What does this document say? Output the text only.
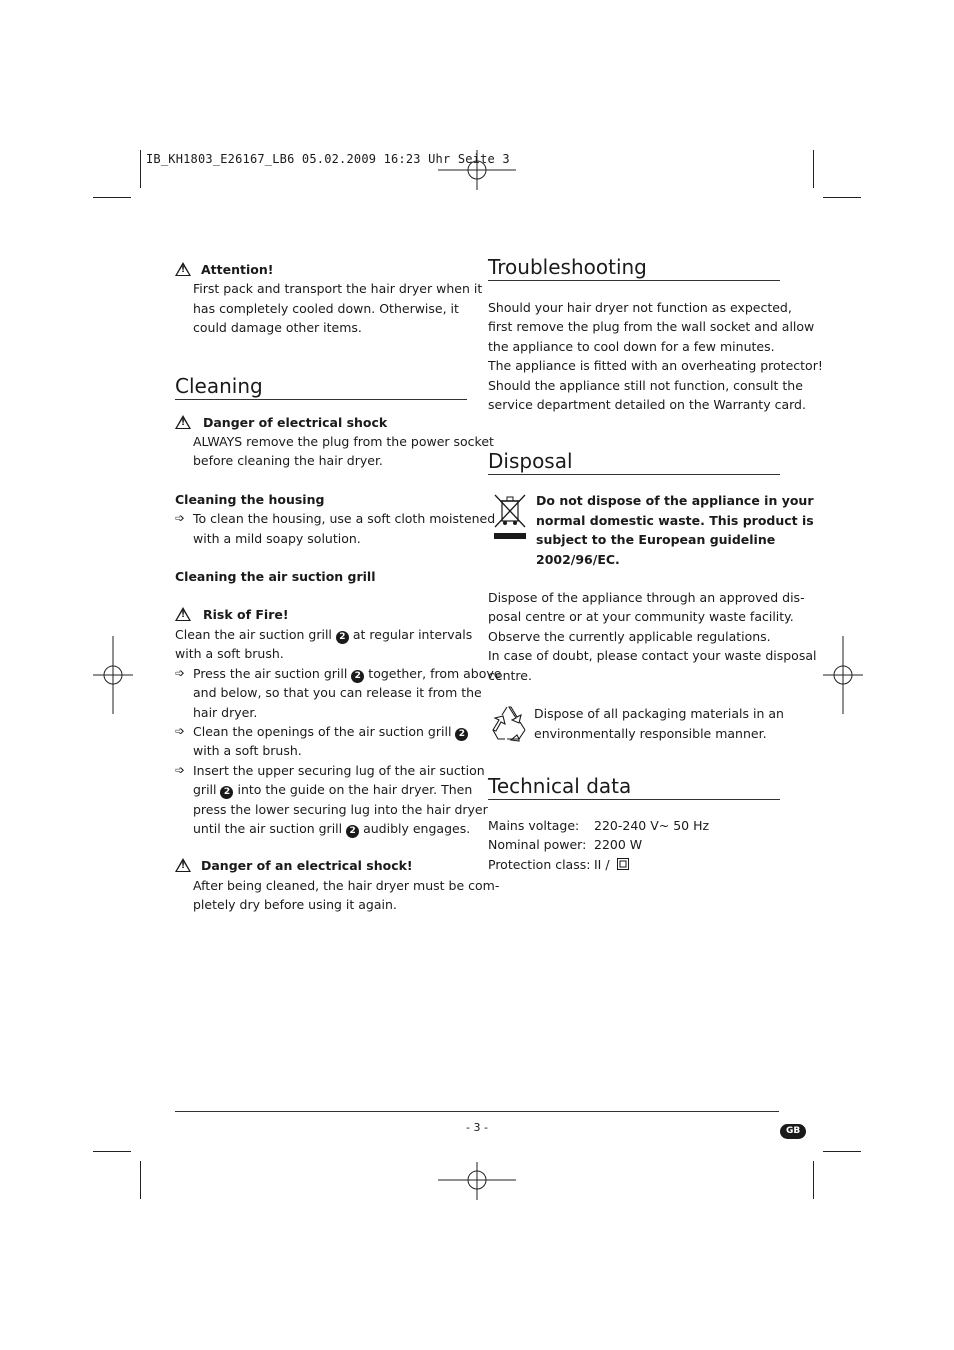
IB_KH1803_E26167_LB6 05.02.2009 16:23 Uhr Seite 3
!Attention!
First pack and transport the hair dryer when it
has completely cooled down. Otherwise, it
could damage other items.
Cleaning
!Danger of electrical shock
ALWAYS remove the plug from the power socket
before cleaning the hair dryer.
Cleaning the housing
➩ To clean the housing, use a soft cloth moistened
with a mild soapy solution.
Cleaning the air suction grill
!Risk of Fire!
Clean the air suction grill 2 at regular intervals
with a soft brush.
➩ Press the air suction grill 2 together, from above
and below, so that you can release it from the
hair dryer.
➩ Clean the openings of the air suction grill 2
with a soft brush.
➩ Insert the upper securing lug of the air suction
grill 2 into the guide on the hair dryer. Then
press the lower securing lug into the hair dryer
until the air suction grill 2 audibly engages.
!Danger of an electrical shock!
After being cleaned, the hair dryer must be com-
pletely dry before using it again.
Troubleshooting
Should your hair dryer not function as expected,
first remove the plug from the wall socket and allow
the appliance to cool down for a few minutes.
The appliance is fitted with an overheating protector!
Should the appliance still not function, consult the
service department detailed on the Warranty card.
Disposal
Do not dispose of the appliance in your
normal domestic waste. This product is
subject to the European guideline
2002/96/EC.
Dispose of the appliance through an approved dis-
posal centre or at your community waste facility.
Observe the currently applicable regulations.
In case of doubt, please contact your waste disposal
centre.
Dispose of all packaging materials in an
environmentally responsible manner.
Technical data
Mains voltage:	220-240 V~ 50 Hz
Nominal power:	2200 W
Protection class:	II /
- 3 -	GB
